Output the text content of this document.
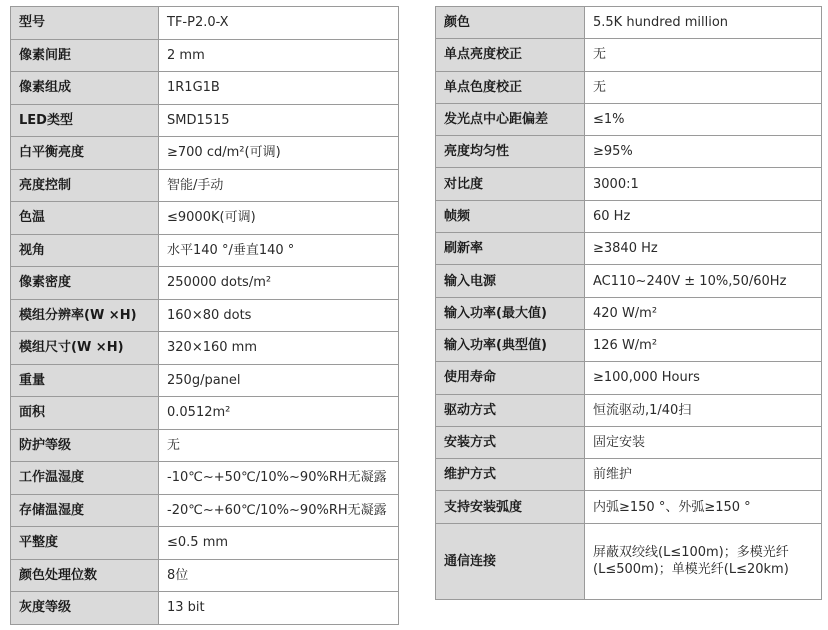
型号	TF-P2.0-X
像素间距	2 mm
像素组成	1R1G1B
LED类型	SMD1515
白平衡亮度	≥700 cd/m²(可调)
亮度控制	智能/手动
色温	≤9000K(可调)
视角	水平140 °/垂直140 °
像素密度	250000 dots/m²
模组分辨率(W ×H)	160×80 dots
模组尺寸(W ×H)	320×160 mm
重量	250g/panel
面积	0.0512m²
防护等级	无
工作温湿度	-10℃~+50℃/10%~90%RH无凝露
存储温湿度	-20℃~+60℃/10%~90%RH无凝露
平整度	≤0.5 mm
颜色处理位数	8位
灰度等级	13 bit
颜色	5.5K hundred million
单点亮度校正	无
单点色度校正	无
发光点中心距偏差	≤1%
亮度均匀性	≥95%
对比度	3000:1
帧频	60 Hz
刷新率	≥3840 Hz
输入电源	AC110~240V ± 10%,50/60Hz
输入功率(最大值)	420 W/m²
输入功率(典型值)	126 W/m²
使用寿命	≥100,000 Hours
驱动方式	恒流驱动,1/40扫
安装方式	固定安装
维护方式	前维护
支持安装弧度	内弧≥150 °、外弧≥150 °
通信连接	屏蔽双绞线(L≤100m)；多模光纤(L≤500m)；单模光纤(L≤20km)
